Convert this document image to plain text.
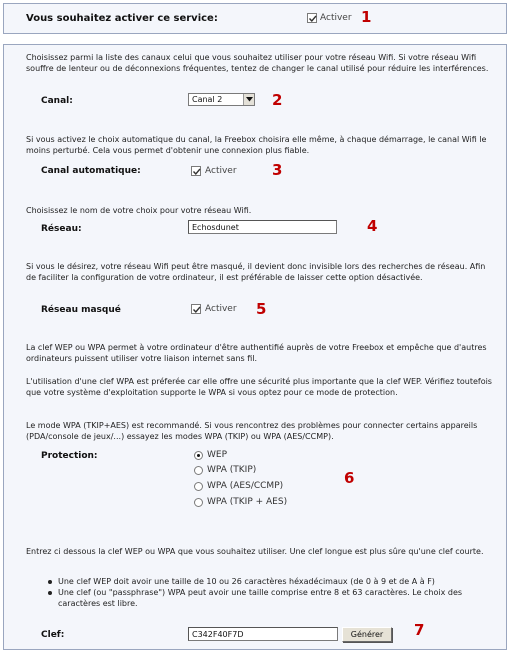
Vous souhaitez activer ce service:	Activer 1
Choisissez parmi la liste des canaux celui que vous souhaitez utiliser pour votre réseau Wifi. Si votre réseau Wifi souffre de lenteur ou de déconnexions fréquentes, tentez de changer le canal utilisé pour réduire les interférences.
Canal:	Canal 2	2
Si vous activez le choix automatique du canal, la Freebox choisira elle même, à chaque démarrage, le canal Wifi le moins perturbé. Cela vous permet d'obtenir une connexion plus fiable.
Canal automatique:	Activer 3
Choisissez le nom de votre choix pour votre réseau Wifi.
Réseau:	Echosdunet	4
Si vous le désirez, votre réseau Wifi peut être masqué, il devient donc invisible lors des recherches de réseau. Afin de faciliter la configuration de votre ordinateur, il est préférable de laisser cette option désactivée.
Réseau masqué	Activer 5
La clef WEP ou WPA permet à votre ordinateur d'être authentifié auprès de votre Freebox et empêche que d'autres ordinateurs puissent utiliser votre liaison internet sans fil.
L'utilisation d'une clef WPA est préferée car elle offre une sécurité plus importante que la clef WEP. Vérifiez toutefois que votre système d'exploitation supporte le WPA si vous optez pour ce mode de protection.
Le mode WPA (TKIP+AES) est recommandé. Si vous rencontrez des problèmes pour connecter certains appareils (PDA/console de jeux/...) essayez les modes WPA (TKIP) ou WPA (AES/CCMP).
Protection:	WEP
WPA (TKIP)
WPA (AES/CCMP)
WPA (TKIP + AES)
6
Entrez ci dessous la clef WEP ou WPA que vous souhaitez utiliser. Une clef longue est plus sûre qu'une clef courte.
Une clef WEP doit avoir une taille de 10 ou 26 caractères héxadécimaux (de 0 à 9 et de A à F)
Une clef (ou "passphrase") WPA peut avoir une taille comprise entre 8 et 63 caractères. Le choix des caractères est libre.
Clef:	C342F40F7D	Générer	7
